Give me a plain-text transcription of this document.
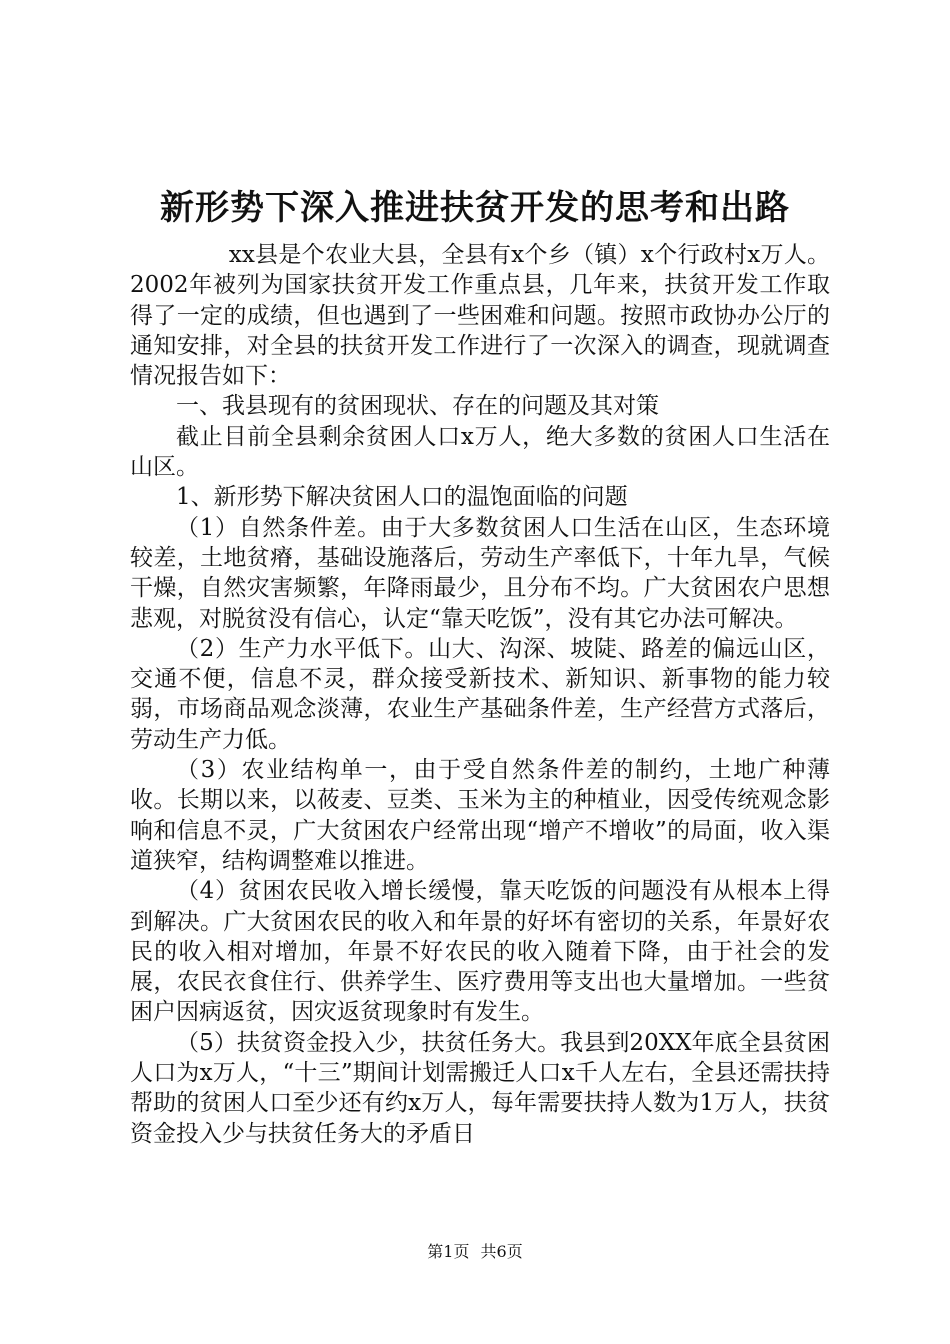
新形势下深入推进扶贫开发的思考和出路

xx县是个农业大县，全县有x个乡（镇）x个行政村x万人。2002年被列为国家扶贫开发工作重点县，几年来，扶贫开发工作取得了一定的成绩，但也遇到了一些困难和问题。按照市政协办公厅的通知安排，对全县的扶贫开发工作进行了一次深入的调查，现就调查情况报告如下：

一、我县现有的贫困现状、存在的问题及其对策

截止目前全县剩余贫困人口x万人，绝大多数的贫困人口生活在山区。

1、新形势下解决贫困人口的温饱面临的问题

（1）自然条件差。由于大多数贫困人口生活在山区，生态环境较差，土地贫瘠，基础设施落后，劳动生产率低下，十年九旱，气候干燥，自然灾害频繁，年降雨最少，且分布不均。广大贫困农户思想悲观，对脱贫没有信心，认定“靠天吃饭”，没有其它办法可解决。

（2）生产力水平低下。山大、沟深、坡陡、路差的偏远山区，交通不便，信息不灵，群众接受新技术、新知识、新事物的能力较弱，市场商品观念淡薄，农业生产基础条件差，生产经营方式落后，劳动生产力低。

（3）农业结构单一，由于受自然条件差的制约，土地广种薄收。长期以来，以莜麦、豆类、玉米为主的种植业，因受传统观念影响和信息不灵，广大贫困农户经常出现“增产不增收”的局面，收入渠道狭窄，结构调整难以推进。

（4）贫困农民收入增长缓慢，靠天吃饭的问题没有从根本上得到解决。广大贫困农民的收入和年景的好坏有密切的关系，年景好农民的收入相对增加，年景不好农民的收入随着下降，由于社会的发展，农民衣食住行、供养学生、医疗费用等支出也大量增加。一些贫困户因病返贫，因灾返贫现象时有发生。

（5）扶贫资金投入少，扶贫任务大。我县到20XX年底全县贫困人口为x万人，“十三”期间计划需搬迁人口x千人左右，全县还需扶持帮助的贫困人口至少还有约x万人，每年需要扶持人数为1万人，扶贫资金投入少与扶贫任务大的矛盾日

第1页 共6页
